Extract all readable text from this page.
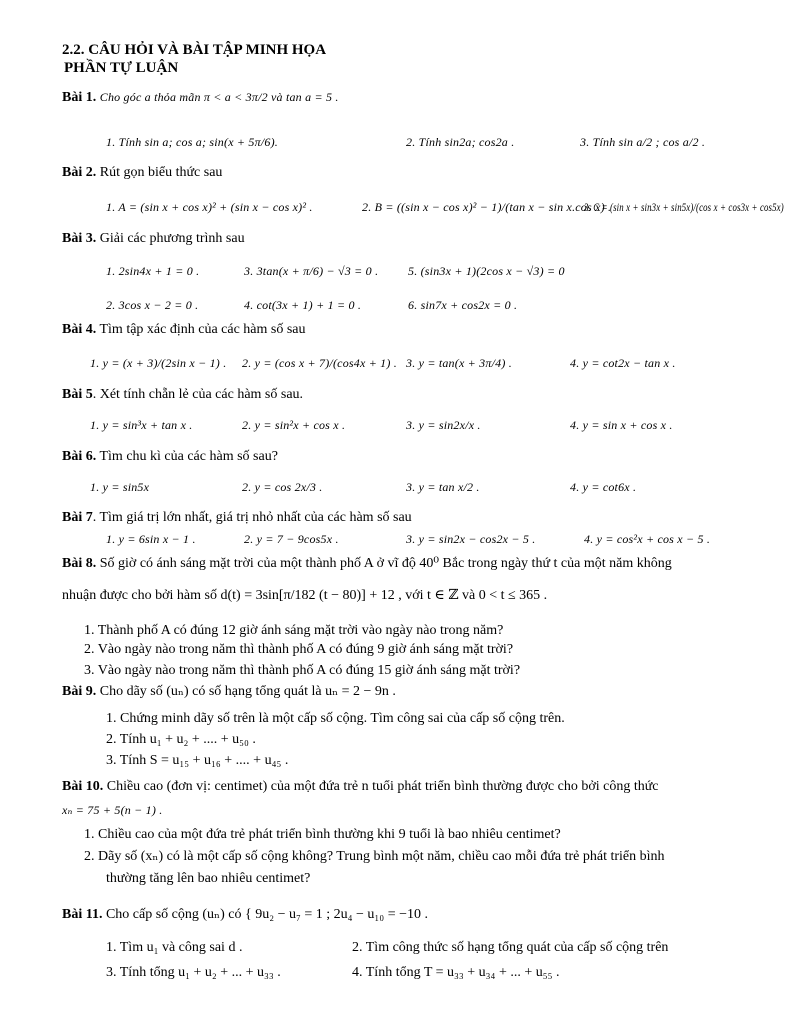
2.2. CÂU HỎI VÀ BÀI TẬP MINH HỌA
PHẦN TỰ LUẬN
Bài 1. Cho góc a thỏa mãn π < a < 3π/2 và tan a = 5 .
1. Tính sin a; cos a; sin(x + 5π/6).	2. Tính sin2a; cos2a .	3. Tính sin a/2 ; cos a/2 .
Bài 2. Rút gọn biểu thức sau
1. A = (sin x + cos x)² + (sin x − cos x)² .	2. B = ((sin x − cos x)² − 1)/(tan x − sin x.cos x) .
3. C = (sin x + sin3x + sin5x)/(cos x + cos3x + cos5x)
Bài 3. Giải các phương trình sau
1. 2sin4x + 1 = 0 .	3. 3tan(x + π/6) − √3 = 0 . 5. (sin3x + 1)(2cos x − √3) = 0
2. 3cos x − 2 = 0 .	4. cot(3x + 1) + 1 = 0 .	6. sin7x + cos2x = 0 .
Bài 4. Tìm tập xác định của các hàm số sau
1. y = (x + 3)/(2sin x − 1) . 2. y = (cos x + 7)/(cos4x + 1) . 3. y = tan(x + 3π/4) .	4. y = cot2x − tan x .
Bài 5. Xét tính chẵn lẻ của các hàm số sau.
1. y = sin³x + tan x .	2. y = sin²x + cos x .	3. y = sin2x/x .	4. y = sin x + cos x .
Bài 6. Tìm chu kì của các hàm số sau?
1. y = sin5x	2. y = cos 2x/3 .	3. y = tan x/2 .	4. y = cot6x .
Bài 7. Tìm giá trị lớn nhất, giá trị nhỏ nhất của các hàm số sau
1. y = 6sin x − 1 .	2. y = 7 − 9cos5x .	3. y = sin2x − cos2x − 5 .	4. y = cos²x + cos x − 5 .
Bài 8. Số giờ có ánh sáng mặt trời của một thành phố A ở vĩ độ 40⁰ Bắc trong ngày thứ t của một năm không
nhuận được cho bởi hàm số d(t) = 3sin[π/182 (t − 80)] + 12 , với t ∈ ℤ và 0 < t ≤ 365 .
1. Thành phố A có đúng 12 giờ ánh sáng mặt trời vào ngày nào trong năm?
2. Vào ngày nào trong năm thì thành phố A có đúng 9 giờ ánh sáng mặt trời?
3. Vào ngày nào trong năm thì thành phố A có đúng 15 giờ ánh sáng mặt trời?
Bài 9. Cho dãy số (uₙ) có số hạng tổng quát là uₙ = 2 − 9n .
1. Chứng minh dãy số trên là một cấp số cộng. Tìm công sai của cấp số cộng trên.
2. Tính u₁ + u₂ + .... + u₅₀ .
3. Tính S = u₁₅ + u₁₆ + .... + u₄₅ .
Bài 10. Chiều cao (đơn vị: centimet) của một đứa trẻ n tuổi phát triển bình thường được cho bởi công thức
xₙ = 75 + 5(n − 1) .
1. Chiều cao của một đứa trẻ phát triển bình thường khi 9 tuổi là bao nhiêu centimet?
2. Dãy số (xₙ) có là một cấp số cộng không? Trung bình một năm, chiều cao mỗi đứa trẻ phát triển bình
thường tăng lên bao nhiêu centimet?
Bài 11. Cho cấp số cộng (uₙ) có { 9u₂ − u₇ = 1 ; 2u₄ − u₁₀ = −10 .
1. Tìm u₁ và công sai d .	2. Tìm công thức số hạng tổng quát của cấp số cộng trên
3. Tính tổng u₁ + u₂ + ... + u₃₃ .	4. Tính tổng T = u₃₃ + u₃₄ + ... + u₅₅ .
